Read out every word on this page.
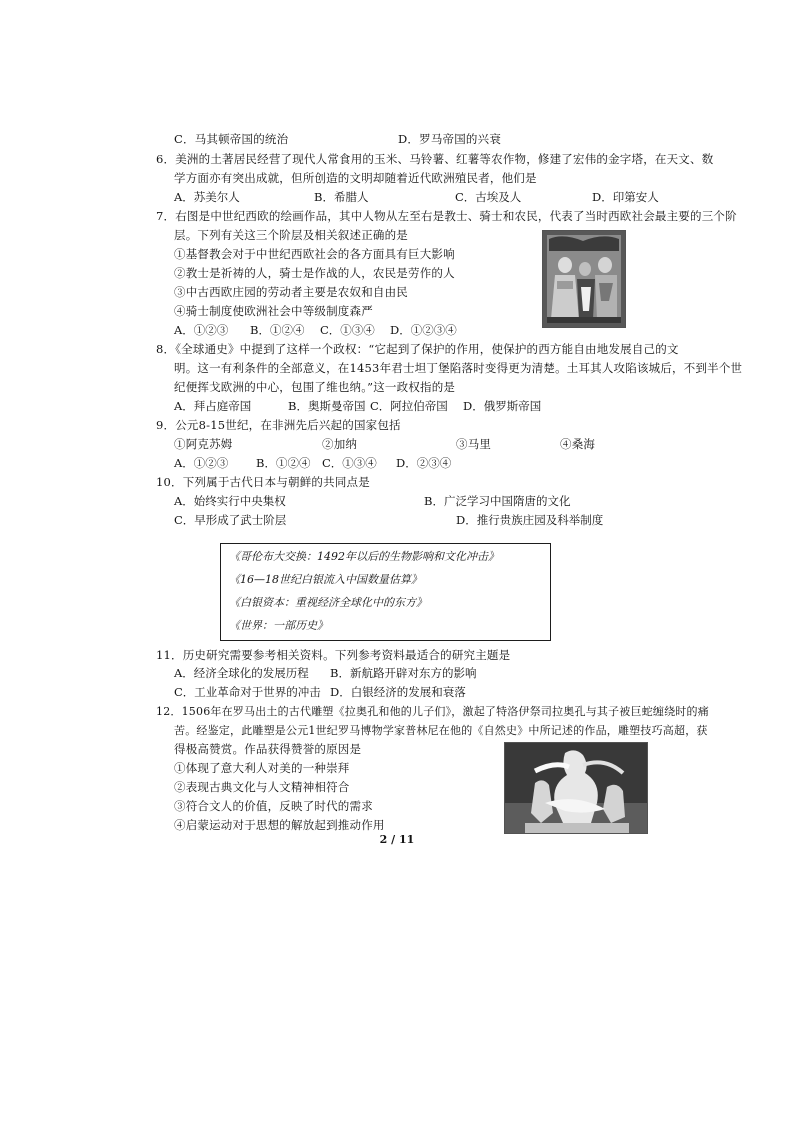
C．马其顿帝国的统治	D．罗马帝国的兴衰
6．美洲的土著居民经营了现代人常食用的玉米、马铃薯、红薯等农作物，修建了宏伟的金字塔，在天文、数
学方面亦有突出成就，但所创造的文明却随着近代欧洲殖民者，他们是
A．苏美尔人	B．希腊人	C．古埃及人	D．印第安人
7．右图是中世纪西欧的绘画作品，其中人物从左至右是教士、骑士和农民，代表了当时西欧社会最主要的三个阶
层。下列有关这三个阶层及相关叙述正确的是
①基督教会对于中世纪西欧社会的各方面具有巨大影响
②教士是祈祷的人，骑士是作战的人，农民是劳作的人
③中古西欧庄园的劳动者主要是农奴和自由民
④骑士制度使欧洲社会中等级制度森严
A．①②③ B．①②④ C．①③④ D．①②③④
8．《全球通史》中提到了这样一个政权：“它起到了保护的作用，使保护的西方能自由地发展自己的文
明。这一有利条件的全部意义，在1453年君士坦丁堡陷落时变得更为清楚。土耳其人攻陷该城后，不到半个世
纪便挥戈欧洲的中心，包围了维也纳。”这一政权指的是
A．拜占庭帝国	B．奥斯曼帝国 C．阿拉伯帝国 D．俄罗斯帝国
9．公元8-15世纪，在非洲先后兴起的国家包括
①阿克苏姆	②加纳	③马里	④桑海
A．①②③ B．①②④ C．①③④ D．②③④
10．下列属于古代日本与朝鲜的共同点是
A．始终实行中央集权	B．广泛学习中国隋唐的文化
C．早形成了武士阶层	D．推行贵族庄园及科举制度
《哥伦布大交换：1492年以后的生物影响和文化冲击》
《16—18世纪白银流入中国数量估算》
《白银资本：重视经济全球化中的东方》
《世界：一部历史》
11．历史研究需要参考相关资料。下列参考资料最适合的研究主题是
A．经济全球化的发展历程 B．新航路开辟对东方的影响
C．工业革命对于世界的冲击 D．白银经济的发展和衰落
12．1506年在罗马出土的古代雕塑《拉奥孔和他的儿子们》，激起了特洛伊祭司拉奥孔与其子被巨蛇缠绕时的痛
苦。经鉴定，此雕塑是公元1世纪罗马博物学家普林尼在他的《自然史》中所记述的作品，雕塑技巧高超，获
得极高赞赏。作品获得赞誉的原因是
①体现了意大利人对美的一种崇拜
②表现古典文化与人文精神相符合
③符合文人的价值，反映了时代的需求
④启蒙运动对于思想的解放起到推动作用
2 / 11
